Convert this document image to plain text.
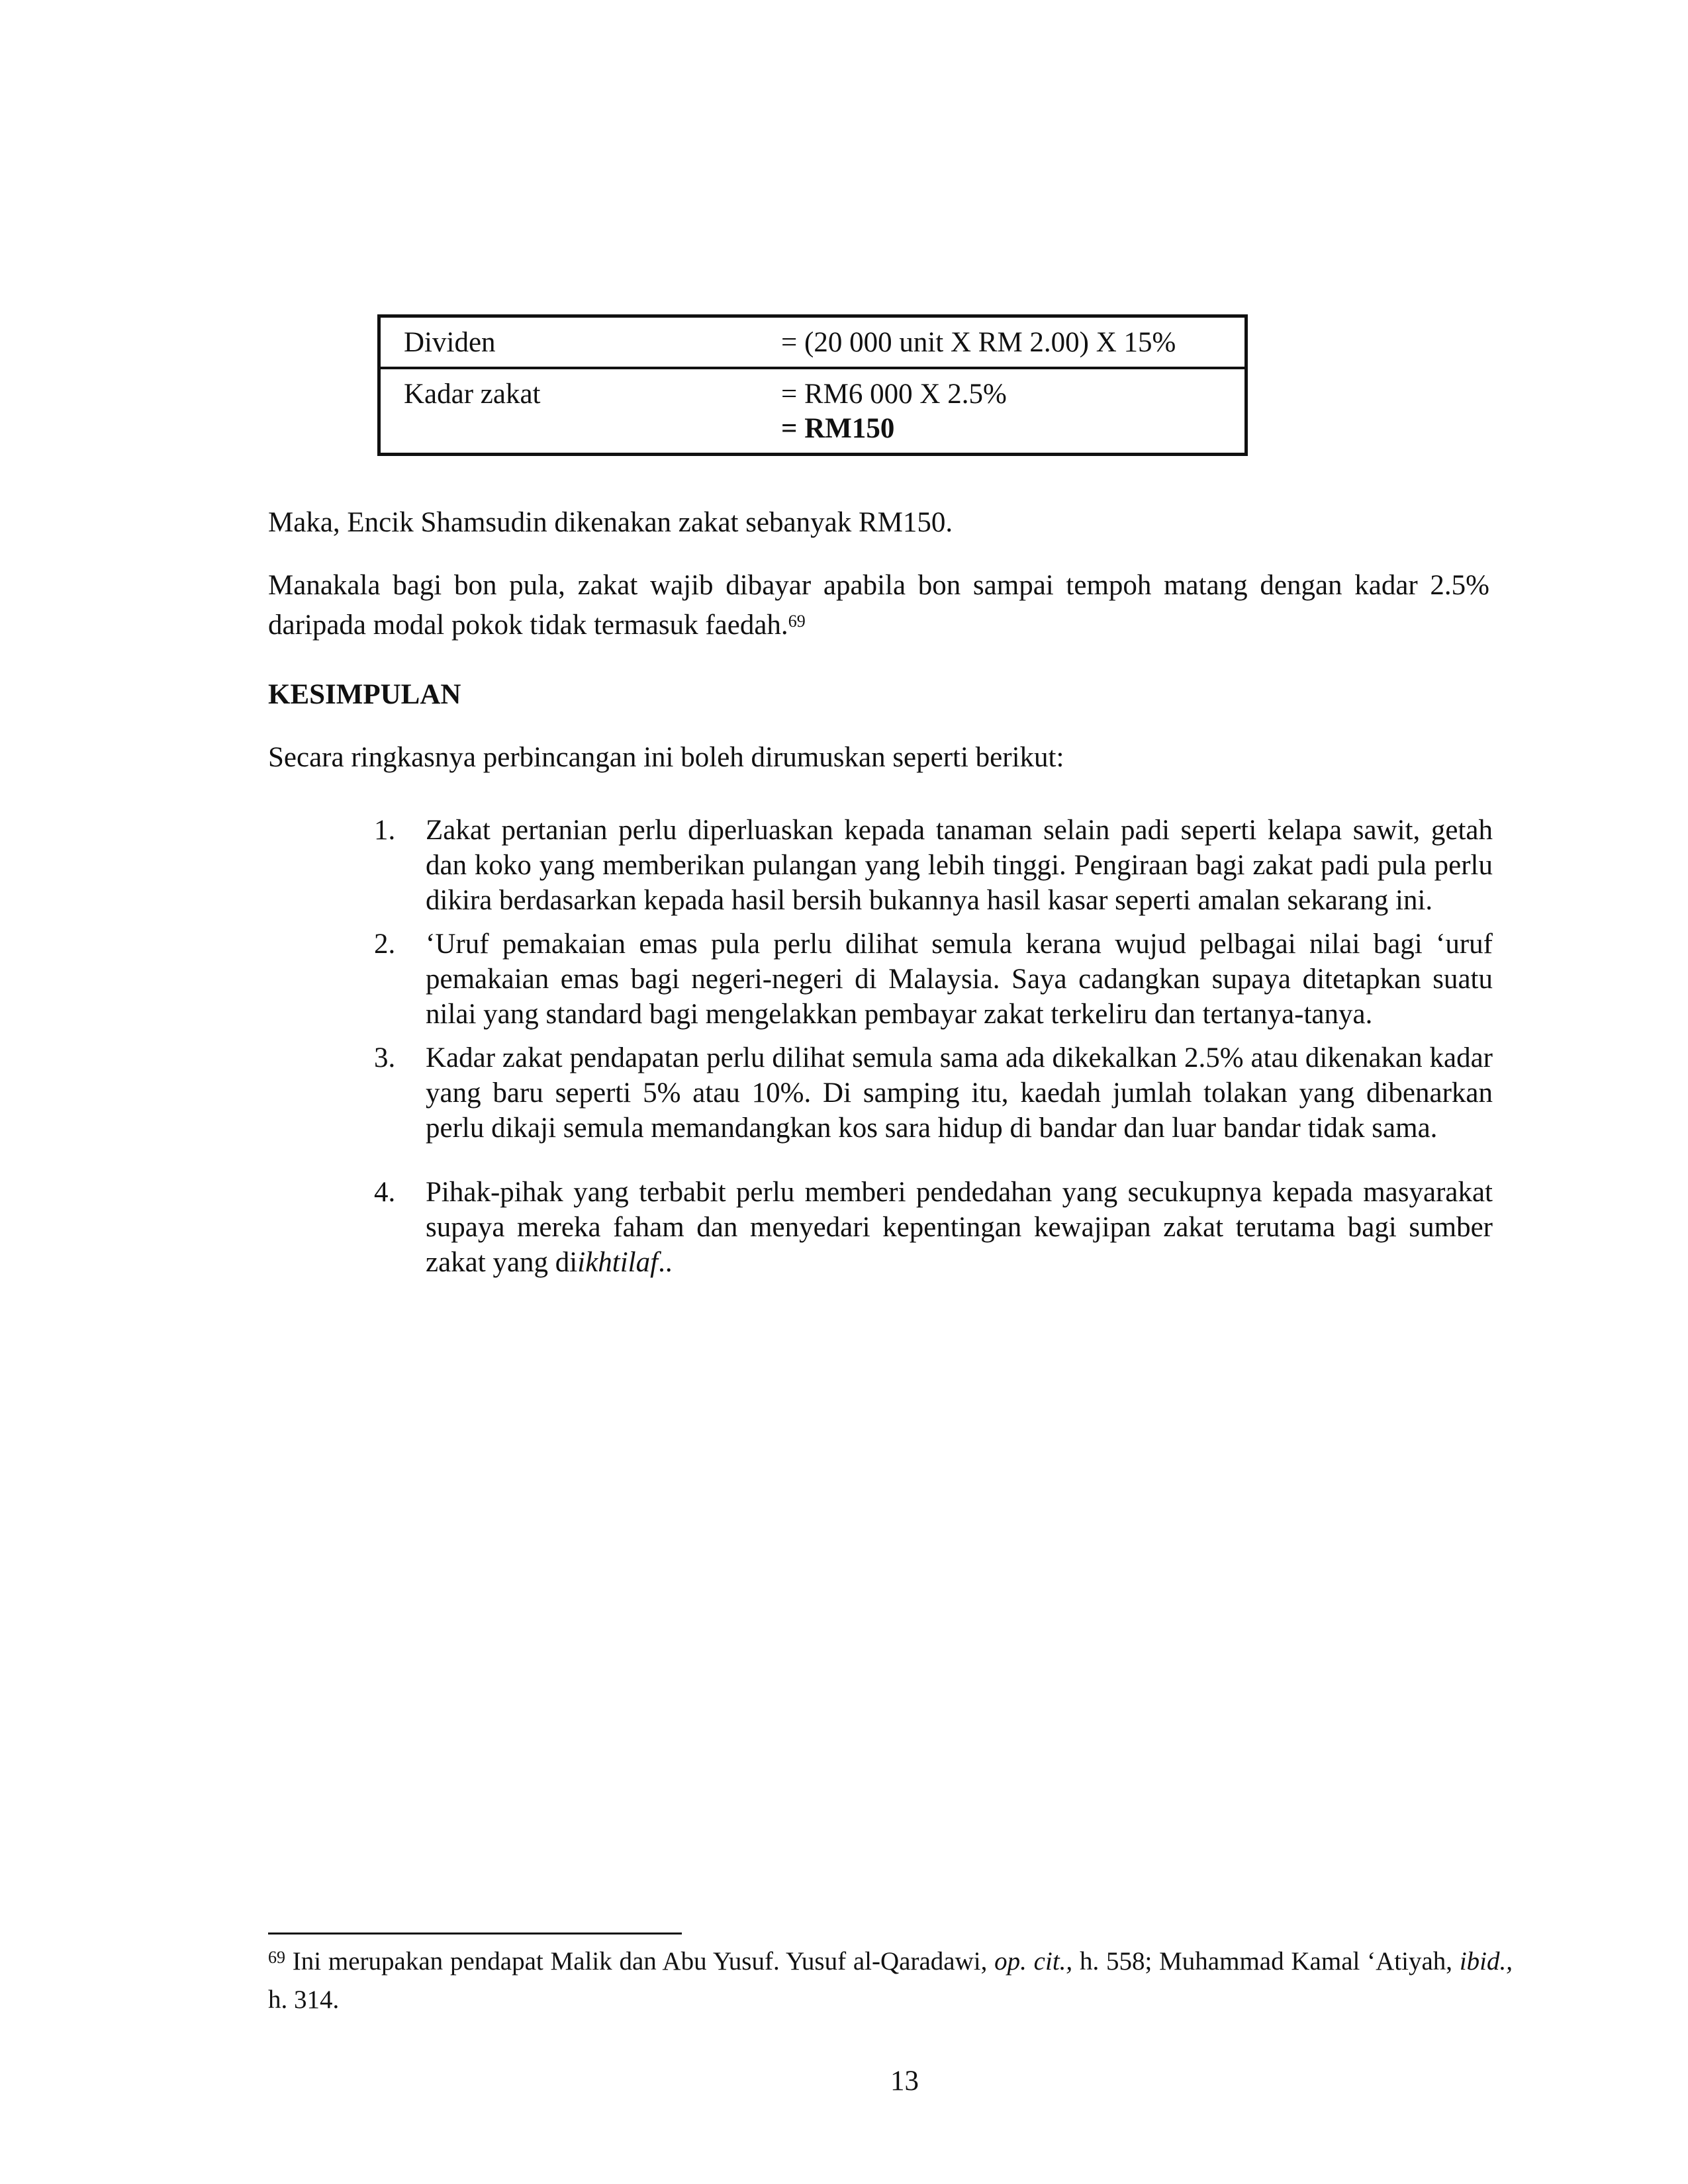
Dividen	= (20 000 unit X RM 2.00) X 15%

Kadar zakat	= RM6 000 X 2.5%
= RM150
Maka, Encik Shamsudin dikenakan zakat sebanyak RM150.
Manakala bagi bon pula, zakat wajib dibayar apabila bon sampai tempoh matang dengan kadar 2.5% daripada modal pokok tidak termasuk faedah.$^{69}$
KESIMPULAN
Secara ringkasnya perbincangan ini boleh dirumuskan seperti berikut:
1. Zakat pertanian perlu diperluaskan kepada tanaman selain padi seperti kelapa sawit, getah dan koko yang memberikan pulangan yang lebih tinggi. Pengiraan bagi zakat padi pula perlu dikira berdasarkan kepada hasil bersih bukannya hasil kasar seperti amalan sekarang ini.
2. ‘Uruf pemakaian emas pula perlu dilihat semula kerana wujud pelbagai nilai bagi ‘uruf pemakaian emas bagi negeri-negeri di Malaysia. Saya cadangkan supaya ditetapkan suatu nilai yang standard bagi mengelakkan pembayar zakat terkeliru dan tertanya-tanya.
3. Kadar zakat pendapatan perlu dilihat semula sama ada dikekalkan 2.5% atau dikenakan kadar yang baru seperti 5% atau 10%. Di samping itu, kaedah jumlah tolakan yang dibenarkan perlu dikaji semula memandangkan kos sara hidup di bandar dan luar bandar tidak sama.
4. Pihak-pihak yang terbabit perlu memberi pendedahan yang secukupnya kepada masyarakat supaya mereka faham dan menyedari kepentingan kewajipan zakat terutama bagi sumber zakat yang diikhtilaf..
$^{69}$ Ini merupakan pendapat Malik dan Abu Yusuf. Yusuf al-Qaradawi, op. cit., h. 558; Muhammad Kamal ‘Atiyah, ibid., h. 314.
13
